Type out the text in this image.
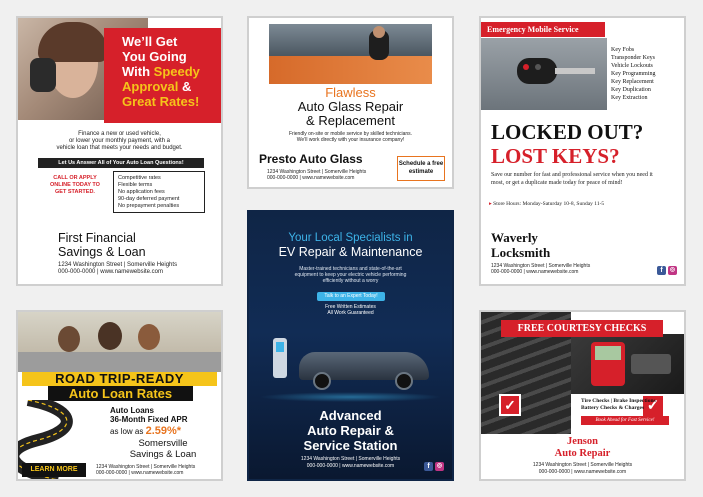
We’ll Get
You Going
With Speedy
Approval &
Great Rates!
Finance a new or used vehicle,
or lower your monthly payment, with a
vehicle loan that meets your needs and budget.
Let Us Answer All of Your Auto Loan Questions!
CALL OR APPLY ONLINE TODAY TO GET STARTED.
Competitive rates
Flexible terms
No application fees
90-day deferred payment
No prepayment penalties
First Financial
Savings & Loan
1234 Washington Street | Somerville Heights
000-000-0000 | www.namewebsite.com
Flawless
Auto Glass Repair
& Replacement
Friendly on-site or mobile service by skilled technicians.
We’ll work directly with your insurance company!
Presto Auto Glass
1234 Washington Street | Somerville Heights
000-000-0000 | www.namewebsite.com
Schedule a free estimate
Emergency Mobile Service
Key Fobs
Transponder Keys
Vehicle Lockouts
Key Programming
Key Replacement
Key Duplication
Key Extraction
LOCKED OUT?
LOST KEYS?
Save our number for fast and professional service when you need it most, or get a duplicate made today for peace of mind!
▸ Store Hours: Monday-Saturday 10-8, Sunday 11-5
Waverly
Locksmith
1234 Washington Street | Somerville Heights
000-000-0000 | www.namewebsite.com	f	◎
ROAD TRIP-READY
Auto Loan Rates
Auto Loans
36-Month Fixed APR
as low as 2.59%*
Somersville
Savings & Loan
LEARN MORE	1234 Washington Street | Somerville Heights
000-000-0000 | www.namewebsite.com
Your Local Specialists in
EV Repair & Maintenance
Master-trained technicians and state-of-the-art
equipment to keep your electric vehicle performing
efficiently without a worry
Talk to an Expert Today!
Free Written Estimates
All Work Guaranteed
Advanced
Auto Repair &
Service Station
1234 Washington Street | Somerville Heights
000-000-0000 | www.namewebsite.com	f	◎
✓
FREE COURTESY CHECKS
✓
Tire Checks | Brake Inspections
Battery Checks & Charges
Book Ahead for Fast Service!
Jenson
Auto Repair
1234 Washington Street | Somerville Heights
000-000-0000 | www.namewebsite.com
